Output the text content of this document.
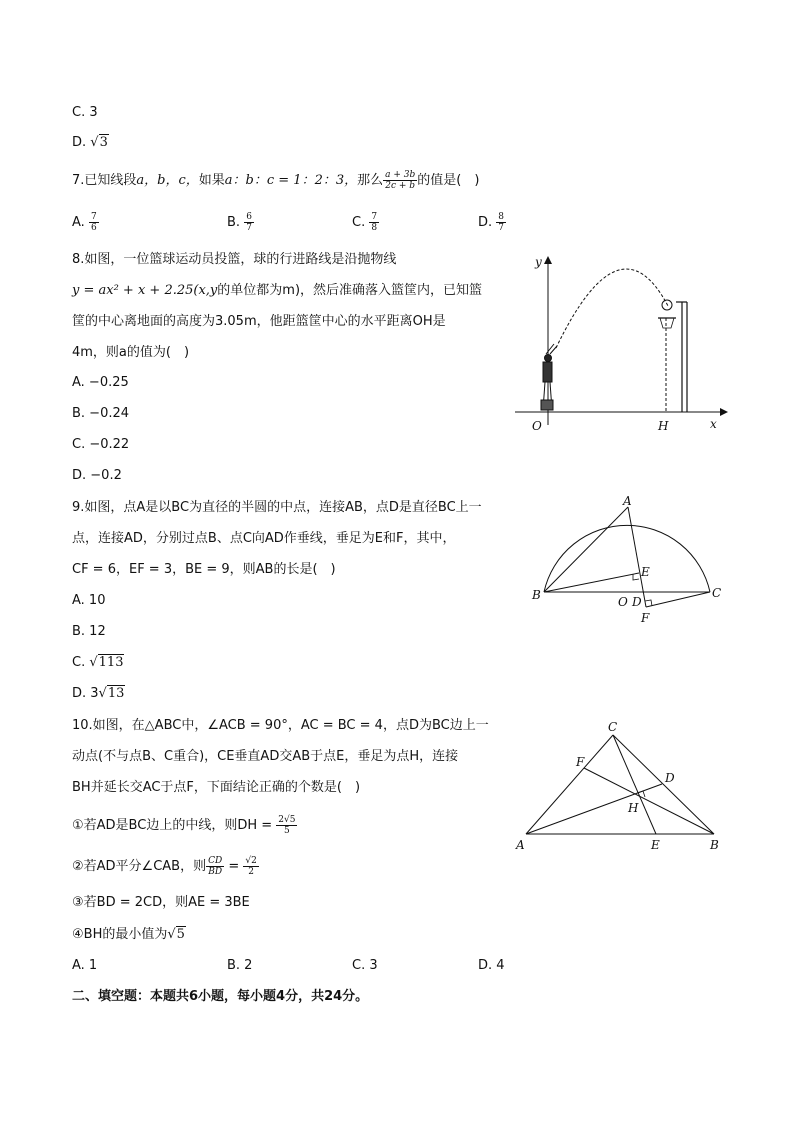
C. 3
D. √3
7.已知线段a，b，c，如果a：b：c = 1：2：3，那么 $\frac{a + 3b}{2c + b}$ 的值是(　)
A. $\frac{7}{6}$	B. $\frac{6}{7}$	C. $\frac{7}{8}$	D. $\frac{8}{7}$
8.如图，一位篮球运动员投篮，球的行进路线是沿抛物线
y = ax² + x + 2.25(x,y的单位都为m)，然后准确落入篮筐内，已知篮
筐的中心离地面的高度为3.05m，他距篮筐中心的水平距离OH是
4m，则a的值为(　)
A. −0.25
B. −0.24
C. −0.22
D. −0.2
y
x
O	H
9.如图，点A是以BC为直径的半圆的中点，连接AB，点D是直径BC上一
点，连接AD，分别过点B、点C向AD作垂线，垂足为E和F，其中，
CF = 6，EF = 3，BE = 9，则AB的长是(　)
A. 10
B. 12
C. √113
D. 3√13
A
B	C
D
E
F
O
10.如图，在△ABC中，∠ACB = 90°，AC = BC = 4，点D为BC边上一
动点(不与点B、C重合)，CE垂直AD交AB于点E，垂足为点H，连接
BH并延长交AC于点F，下面结论正确的个数是(　)
①若AD是BC边上的中线，则DH = $\frac{2√5}{5}$
②若AD平分∠CAB，则 $\frac{CD}{BD} = \frac{√2}{2}$
③若BD = 2CD，则AE = 3BE
④BH的最小值为√5
A. 1	B. 2	C. 3	D. 4
C
A	B
D
E
F
H
二、填空题：本题共6小题，每小题4分，共24分。
